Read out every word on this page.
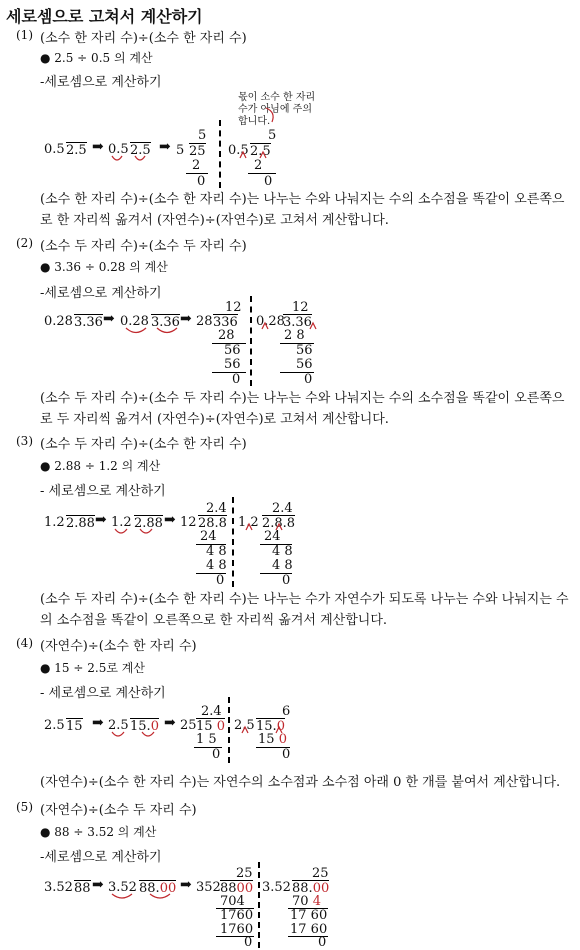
세로셈으로 고쳐서 계산하기
(1) (소수 한 자리 수)÷(소수 한 자리 수)
● 2.5 ÷ 0.5 의 계산
-세로셈으로 계산하기
몫이 소수 한 자리 수가 아님에 주의합니다.
0.5 2.5 ➡ 0.5 2.5 ➡
5
5 25
2
0
5
0.5 2.5
2
0
(소수 한 자리 수)÷(소수 한 자리 수)는 나누는 수와 나눠지는 수의 소수점을 똑같이 오른쪽으로 한 자리씩 옮겨서 (자연수)÷(자연수)로 고쳐서 계산합니다.
(2) (소수 두 자리 수)÷(소수 두 자리 수)
● 3.36 ÷ 0.28 의 계산
-세로셈으로 계산하기
0.28 3.36 ➡ 0.28 3.36 ➡
12
28 336
28
56
56
0
12
0.28
3.36
2 8
56
56
0
(소수 두 자리 수)÷(소수 두 자리 수)는 나누는 수와 나눠지는 수의 소수점을 똑같이 오른쪽으로 두 자리씩 옮겨서 (자연수)÷(자연수)로 고쳐서 계산합니다.
(3) (소수 두 자리 수)÷(소수 한 자리 수)
● 2.88 ÷ 1.2 의 계산
- 세로셈으로 계산하기
1.2 2.88 ➡ 1.2 2.88 ➡
2.4
12 28.8
24
4 8
4 8
0
2.4
1.2 2.8.8
24
4 8
4 8
0
(소수 두 자리 수)÷(소수 한 자리 수)는 나누는 수가 자연수가 되도록 나누는 수와 나눠지는 수의 소수점을 똑같이 오른쪽으로 한 자리씩 옮겨서 계산합니다.
(4) (자연수)÷(소수 한 자리 수)
● 15 ÷ 2.5로 계산
- 세로셈으로 계산하기
2.5 15 ➡ 2.5 15.0 ➡
2.4
25 15 0
1 5
0
6
2.5 15.0
15 0
0
(자연수)÷(소수 한 자리 수)는 자연수의 소수점과 소수점 아래 0 한 개를 붙여서 계산합니다.
(5) (자연수)÷(소수 두 자리 수)
● 88 ÷ 3.52 의 계산
-세로셈으로 계산하기
3.52 88 ➡ 3.52 88.00 ➡
25
352 8800
704
1760
1760
0
25
3.52 88.00
70 4
17 60
17 60
0
